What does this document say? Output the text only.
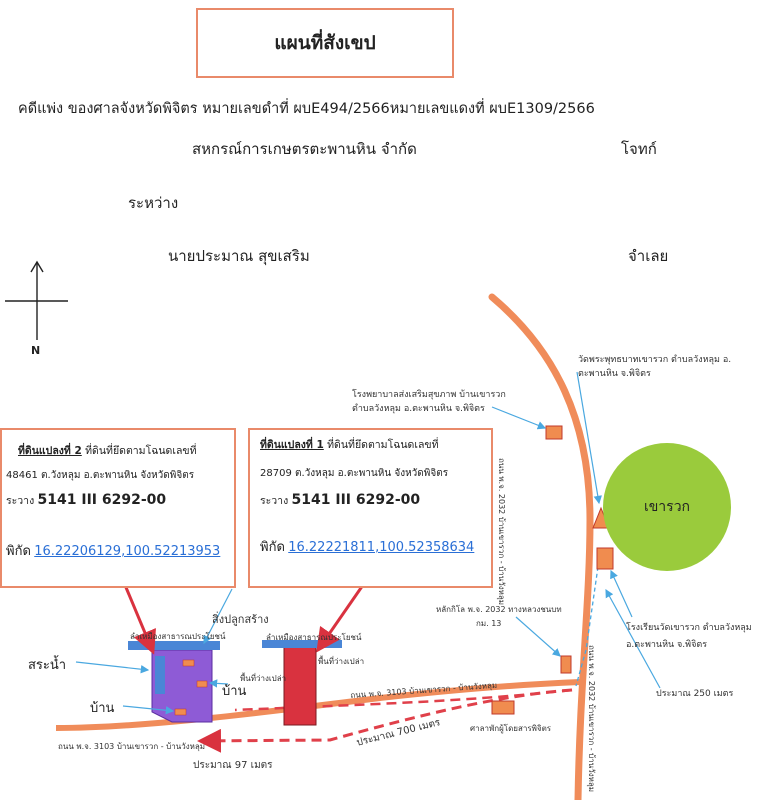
แผนที่สังเขป
คดีแพ่ง ของศาลจังหวัดพิจิตร หมายเลขดำที่ ผบE494/2566หมายเลขแดงที่ ผบE1309/2566
สหกรณ์การเกษตรตะพานหิน จำกัด	โจทก์
ระหว่าง
นายประมาณ สุขเสริม	จำเลย
เขารวก
ที่ดินแปลงที่ 2 ที่ดินที่ยึดตามโฉนดเลขที่
48461 ต.วังหลุม อ.ตะพานหิน จังหวัดพิจิตร
ระวาง 5141 III 6292-00
พิกัด 16.22206129,100.52213953
ที่ดินแปลงที่ 1 ที่ดินที่ยึดตามโฉนดเลขที่
28709 ต.วังหลุม อ.ตะพานหิน จังหวัดพิจิตร
ระวาง 5141 III 6292-00
พิกัด 16.22221811,100.52358634
N
วัดพระพุทธบาทเขารวก ตำบลวังหลุม อ.
ตะพานหิน จ.พิจิตร
โรงพยาบาลส่งเสริมสุขภาพ บ้านเขารวก
ตำบลวังหลุม อ.ตะพานหิน จ.พิจิตร
โรงเรียนวัดเขารวก ตำบลวังหลุม
อ.ตะพานหิน จ.พิจิตร
ประมาณ 250 เมตร
หลักกิโล พ.จ. 2032 ทางหลวงชนบท
กม. 13
สิ่งปลูกสร้าง
สระน้ำ
บ้าน
บ้าน
ลำเหมืองสาธารณประโยชน์	ลำเหมืองสาธารณประโยชน์
พื้นที่ว่างเปล่า
พื้นที่ว่างเปล่า
ถนน พ.จ. 3103 บ้านเขารวก - บ้านวังหลุม
ถนน พ.จ. 3103 บ้านเขารวก - บ้านวังหลุม
ถนน พ.จ. 2032 บ้านเขารวก - บ้านวังหลุม
ถนน พ.จ. 2032 บ้านเขารวก - บ้านวังหลุม
ศาลาพักผู้โดยสารพิจิตร
ประมาณ 700 เมตร
ประมาณ 97 เมตร
